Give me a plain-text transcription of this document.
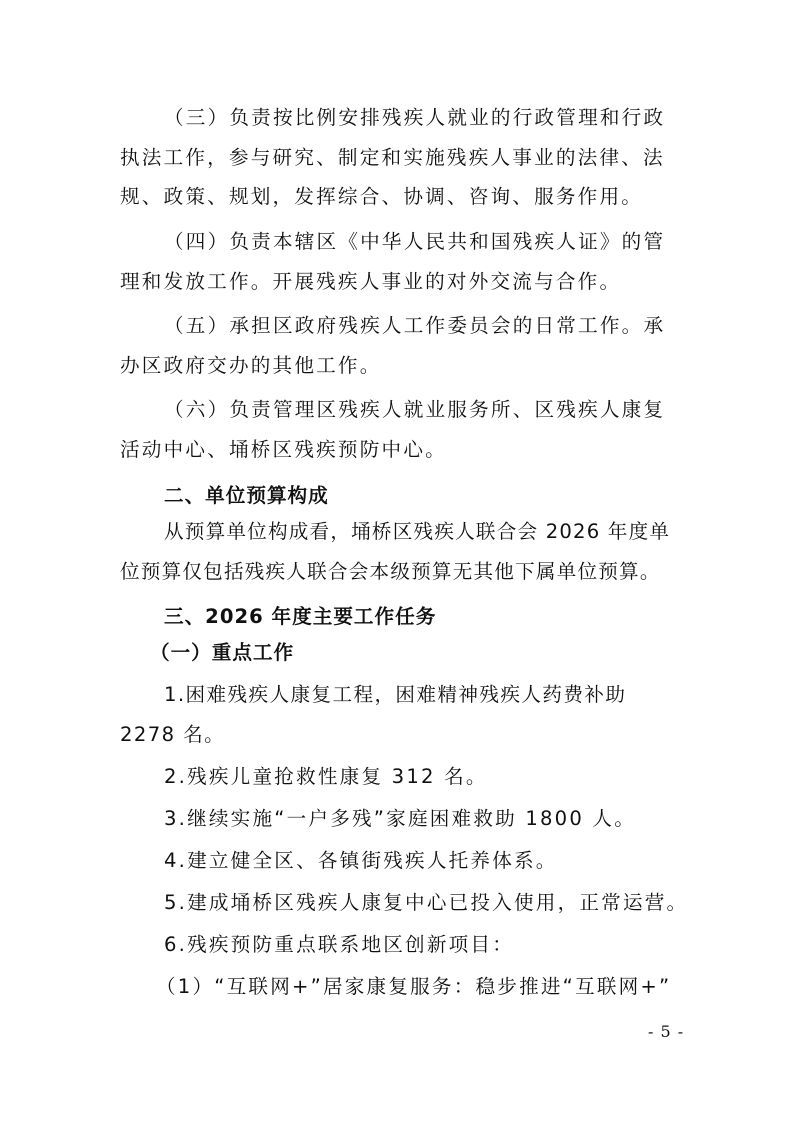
（三）负责按比例安排残疾人就业的行政管理和行政执法工作，参与研究、制定和实施残疾人事业的法律、法规、政策、规划，发挥综合、协调、咨询、服务作用。
（四）负责本辖区《中华人民共和国残疾人证》的管理和发放工作。开展残疾人事业的对外交流与合作。
（五）承担区政府残疾人工作委员会的日常工作。承办区政府交办的其他工作。
（六）负责管理区残疾人就业服务所、区残疾人康复活动中心、埇桥区残疾预防中心。
二、单位预算构成
从预算单位构成看，埇桥区残疾人联合会 2026 年度单位预算仅包括残疾人联合会本级预算无其他下属单位预算。
三、2026 年度主要工作任务
（一）重点工作
1.困难残疾人康复工程，困难精神残疾人药费补助 2278 名。
2.残疾儿童抢救性康复 312 名。
3.继续实施“一户多残”家庭困难救助 1800 人。
4.建立健全区、各镇街残疾人托养体系。
5.建成埇桥区残疾人康复中心已投入使用，正常运营。
6.残疾预防重点联系地区创新项目：
（1）“互联网+”居家康复服务：稳步推进“互联网+”
- 5 -
